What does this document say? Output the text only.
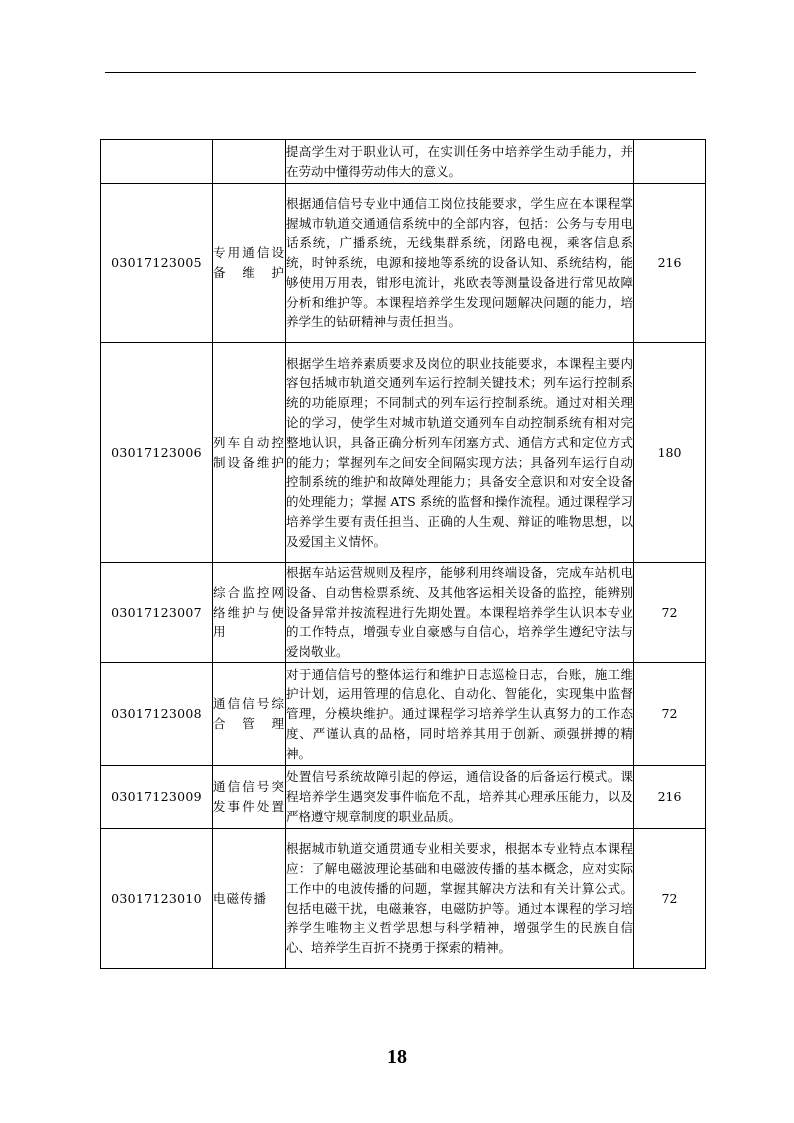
		提高学生对于职业认可，在实训任务中培养学生动手能力，并在劳动中懂得劳动伟大的意义。	
03017123005	专用通信设备维护	根据通信信号专业中通信工岗位技能要求，学生应在本课程掌握城市轨道交通通信系统中的全部内容，包括：公务与专用电话系统，广播系统，无线集群系统，闭路电视，乘客信息系统，时钟系统，电源和接地等系统的设备认知、系统结构，能够使用万用表，钳形电流计，兆欧表等测量设备进行常见故障分析和维护等。本课程培养学生发现问题解决问题的能力，培养学生的钻研精神与责任担当。	216
03017123006	列车自动控制设备维护	根据学生培养素质要求及岗位的职业技能要求，本课程主要内容包括城市轨道交通列车运行控制关键技术；列车运行控制系统的功能原理；不同制式的列车运行控制系统。通过对相关理论的学习，使学生对城市轨道交通列车自动控制系统有相对完整地认识，具备正确分析列车闭塞方式、通信方式和定位方式的能力；掌握列车之间安全间隔实现方法；具备列车运行自动控制系统的维护和故障处理能力；具备安全意识和对安全设备的处理能力；掌握 ATS 系统的监督和操作流程。通过课程学习培养学生要有责任担当、正确的人生观、辩证的唯物思想，以及爱国主义情怀。	180
03017123007	综合监控网络维护与使用	根据车站运营规则及程序，能够利用终端设备，完成车站机电设备、自动售检票系统、及其他客运相关设备的监控，能辨别设备异常并按流程进行先期处置。本课程培养学生认识本专业的工作特点，增强专业自豪感与自信心，培养学生遵纪守法与爱岗敬业。	72
03017123008	通信信号综合管理	对于通信信号的整体运行和维护日志巡检日志，台账，施工维护计划，运用管理的信息化、自动化、智能化，实现集中监督管理，分模块维护。通过课程学习培养学生认真努力的工作态度、严谨认真的品格，同时培养其用于创新、顽强拼搏的精神。	72
03017123009	通信信号突发事件处置	处置信号系统故障引起的停运，通信设备的后备运行模式。课程培养学生遇突发事件临危不乱，培养其心理承压能力，以及严格遵守规章制度的职业品质。	216
03017123010	电磁传播	根据城市轨道交通贯通专业相关要求，根据本专业特点本课程应：了解电磁波理论基础和电磁波传播的基本概念，应对实际工作中的电波传播的问题，掌握其解决方法和有关计算公式。包括电磁干扰，电磁兼容，电磁防护等。通过本课程的学习培养学生唯物主义哲学思想与科学精神，增强学生的民族自信心、培养学生百折不挠勇于探索的精神。	72
18
